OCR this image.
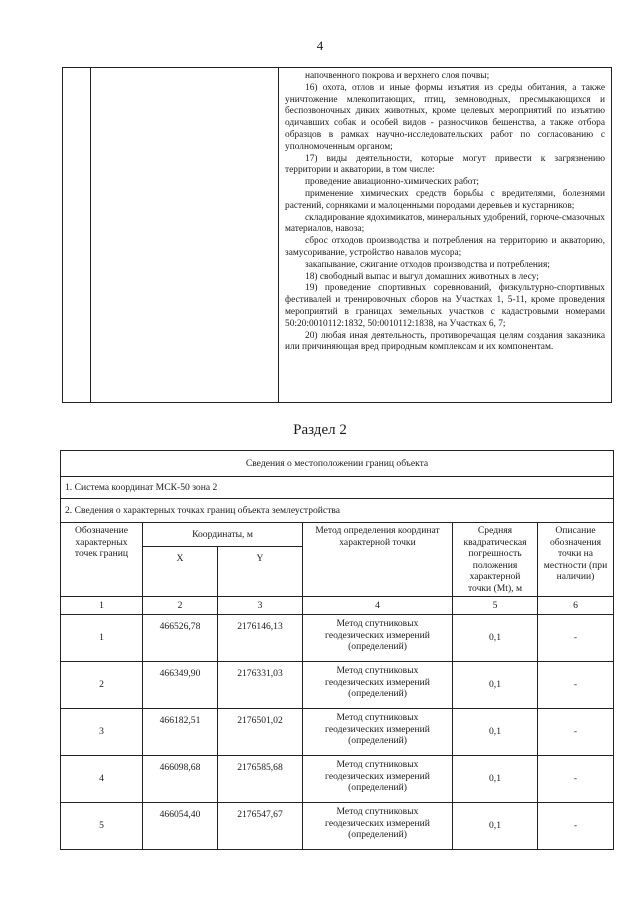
4

напочвенного покрова и верхнего слоя почвы;

16) охота, отлов и иные формы изъятия из среды обитания, а также уничтожение млекопитающих, птиц, земноводных, пресмыкающихся и беспозвоночных диких животных, кроме целевых мероприятий по изъятию одичавших собак и особей видов - разносчиков бешенства, а также отбора образцов в рамках научно-исследовательских работ по согласованию с уполномоченным органом;

17) виды деятельности, которые могут привести к загрязнению территории и акватории, в том числе:

проведение авиационно-химических работ;

применение химических средств борьбы с вредителями, болезнями растений, сорняками и малоценными породами деревьев и кустарников;

складирование ядохимикатов, минеральных удобрений, горюче-смазочных материалов, навоза;

сброс отходов производства и потребления на территорию и акваторию, замусоривание, устройство навалов мусора;

закапывание, сжигание отходов производства и потребления;

18) свободный выпас и выгул домашних животных в лесу;

19) проведение спортивных соревнований, физкультурно-спортивных фестивалей и тренировочных сборов на Участках 1, 5-11, кроме проведения мероприятий в границах земельных участков с кадастровыми номерами 50:20:0010112:1832, 50:0010112:1838, на Участках 6, 7;

20) любая иная деятельность, противоречащая целям создания заказника или причиняющая вред природным комплексам и их компонентам.

Раздел 2
Сведения о местоположении границ объекта					
1. Система координат МСК-50 зона 2					
2. Сведения о характерных точках границ объекта землеустройства					
Обозначение характерных точек границ	Координаты, м		Метод определения координат характерной точки	Средняя квадратическая погрешность положения характерной точки (Mt), м	Описание обозначения точки на местности (при наличии)
	X	Y			
1	2	3	4	5	6
1	466526,78	2176146,13	Метод спутниковых геодезических измерений (определений)	0,1	-
2	466349,90	2176331,03	Метод спутниковых геодезических измерений (определений)	0,1	-
3	466182,51	2176501,02	Метод спутниковых геодезических измерений (определений)	0,1	-
4	466098,68	2176585,68	Метод спутниковых геодезических измерений (определений)	0,1	-
5	466054,40	2176547,67	Метод спутниковых геодезических измерений (определений)	0,1	-
